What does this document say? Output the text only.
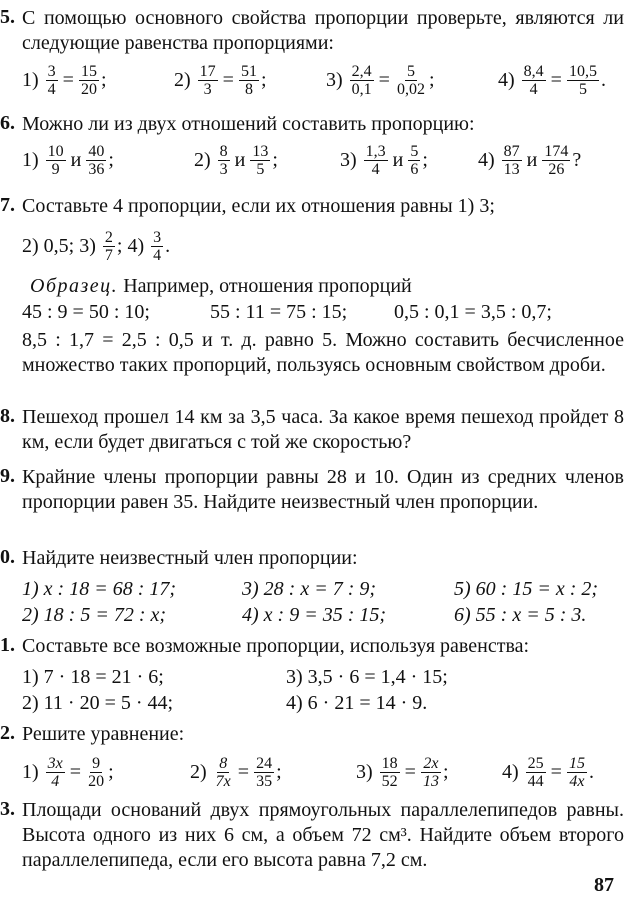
5. С помощью основного свойства пропорции проверьте, являются ли следующие равенства пропорциями:
1)
$\frac{3}{4} = \frac{15}{20}$ ;	2)
$\frac{17}{3} = \frac{51}{8}$ ;	3)
$\frac{2,4}{0,1} = \frac{5}{0,02}$ ;	4)
$\frac{8,4}{4} = \frac{10,5}{5}$ .
6. Можно ли из двух отношений составить пропорцию:
1)
$\frac{10}{9}$ и $\frac{40}{36}$ ;	2)
$\frac{8}{3}$ и $\frac{13}{5}$ ;	3)
$\frac{1,3}{4}$ и $\frac{5}{6}$ ;	4)
$\frac{87}{13}$ и $\frac{174}{26}$ ?
7. Составьте 4 пропорции, если их отношения равны 1) 3;
2) 0,5; 3)
$\frac{2}{7}$ ; 4)
$\frac{3}{4}$ .
Образец. Например, отношения пропорций
45 : 9 = 50 : 10;	55 : 11 = 75 : 15; 0,5 : 0,1 = 3,5 : 0,7;
8,5 : 1,7 = 2,5 : 0,5 и т. д. равно 5. Можно составить бесчисленное множество таких пропорций, пользуясь основным свойством дроби.
8. Пешеход прошел 14 км за 3,5 часа. За какое время пешеход пройдет 8 км, если будет двигаться с той же скоростью?
9. Крайние члены пропорции равны 28 и 10. Один из средних членов пропорции равен 35. Найдите неизвестный член пропорции.
0. Найдите неизвестный член пропорции:
1) x : 18 = 68 : 17;	3) 28 : x = 7 : 9;	5) 60 : 15 = x : 2;
2) 18 : 5 = 72 : x;	4) x : 9 = 35 : 15;	6) 55 : x = 5 : 3.
1. Составьте все возможные пропорции, используя равенства:
1) 7 · 18 = 21 · 6;	3) 3,5 · 6 = 1,4 · 15;
2) 11 · 20 = 5 · 44;	4) 6 · 21 = 14 · 9.
2. Решите уравнение:
1)
$\frac{3x}{4} = \frac{9}{20}$ ;	2)
$\frac{8}{7x} = \frac{24}{35}$ ;	3)
$\frac{18}{52} = \frac{2x}{13}$ ;	4)
$\frac{25}{44} = \frac{15}{4x}$ .
3. Площади оснований двух прямоугольных параллелепипедов равны. Высота одного из них 6 см, а объем 72 см³. Найдите объем второго параллелепипеда, если его высота равна 7,2 см.
87
